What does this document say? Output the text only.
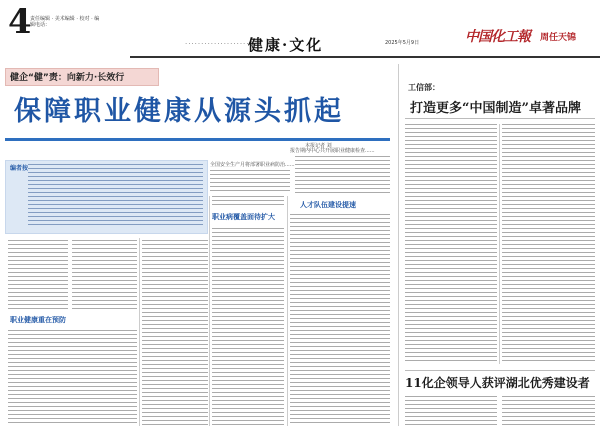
4
责任编辑 · 美术编辑 · 校对 · 编辑电话：
·····················
健康·文化	2025年5月9日	中国化工報 周任天锦
健企“健”责：向新力·长效行
保障职业健康从源头抓起
本报记者 刘
编者按	全国安全生产月将部署职业病防治......
报告期内中心共开展职业健康检查......
职业健康重在预防
职业病覆盖面待扩大
人才队伍建设提速
工信部：
打造更多“中国制造”卓著品牌
11化企领导人获评湖北优秀建设者
